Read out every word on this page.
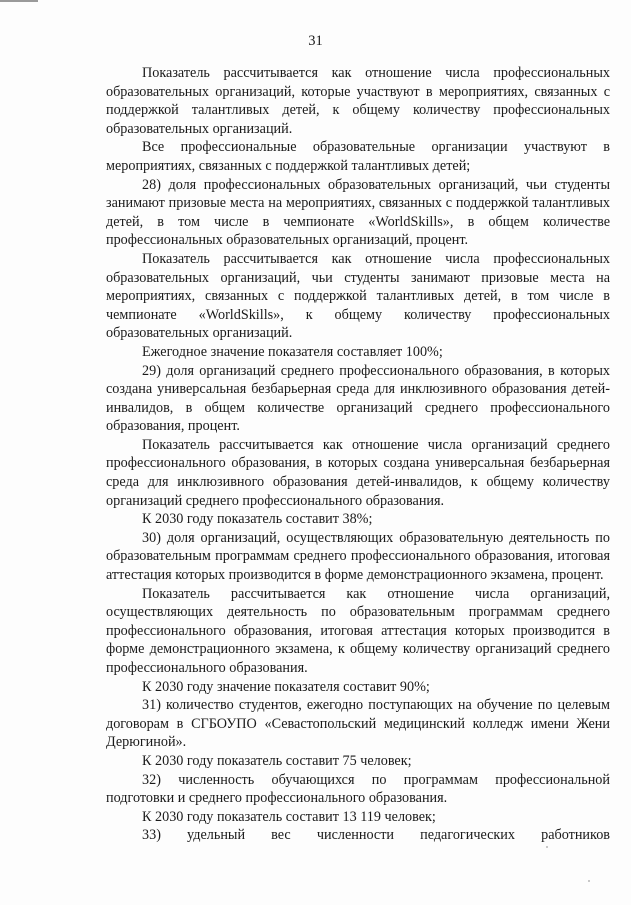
31

Показатель рассчитывается как отношение числа профессиональных образовательных организаций, которые участвуют в мероприятиях, связанных с поддержкой талантливых детей, к общему количеству профессиональных образовательных организаций.

Все профессиональные образовательные организации участвуют в мероприятиях, связанных с поддержкой талантливых детей;

28) доля профессиональных образовательных организаций, чьи студенты занимают призовые места на мероприятиях, связанных с поддержкой талантливых детей, в том числе в чемпионате «WorldSkills», в общем количестве профессиональных образовательных организаций, процент.

Показатель рассчитывается как отношение числа профессиональных образовательных организаций, чьи студенты занимают призовые места на мероприятиях, связанных с поддержкой талантливых детей, в том числе в чемпионате «WorldSkills», к общему количеству профессиональных образовательных организаций.

Ежегодное значение показателя составляет 100%;

29) доля организаций среднего профессионального образования, в которых создана универсальная безбарьерная среда для инклюзивного образования детей-инвалидов, в общем количестве организаций среднего профессионального образования, процент.

Показатель рассчитывается как отношение числа организаций среднего профессионального образования, в которых создана универсальная безбарьерная среда для инклюзивного образования детей-инвалидов, к общему количеству организаций среднего профессионального образования.

К 2030 году показатель составит 38%;

30) доля организаций, осуществляющих образовательную деятельность по образовательным программам среднего профессионального образования, итоговая аттестация которых производится в форме демонстрационного экзамена, процент.

Показатель рассчитывается как отношение числа организаций, осуществляющих деятельность по образовательным программам среднего профессионального образования, итоговая аттестация которых производится в форме демонстрационного экзамена, к общему количеству организаций среднего профессионального образования.

К 2030 году значение показателя составит 90%;

31) количество студентов, ежегодно поступающих на обучение по целевым договорам в СГБОУПО «Севастопольский медицинский колледж имени Жени Дерюгиной».

К 2030 году показатель составит 75 человек;

32) численность обучающихся по программам профессиональной подготовки и среднего профессионального образования.

К 2030 году показатель составит 13 119 человек;

33) удельный вес численности педагогических работников
